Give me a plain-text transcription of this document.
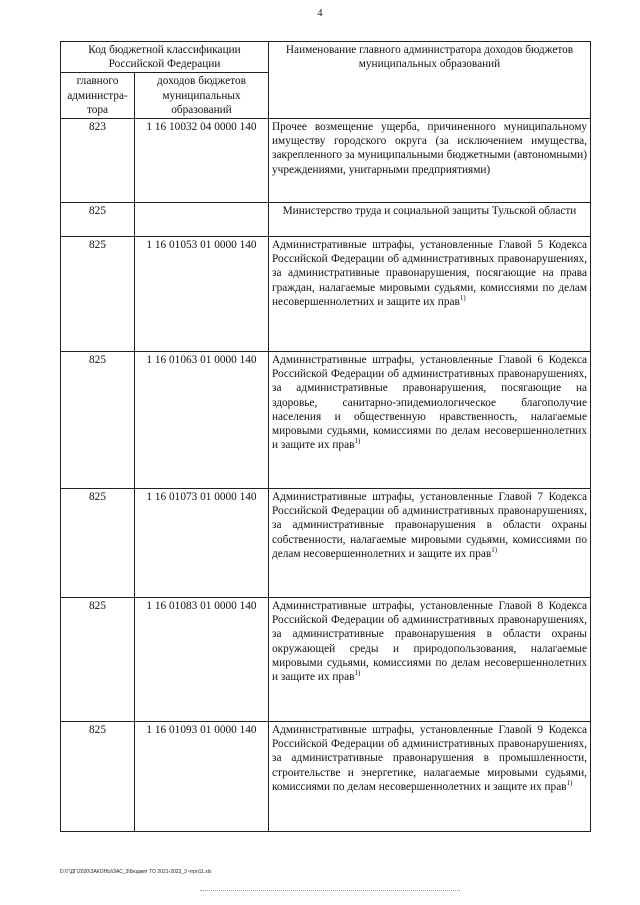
4
Код бюджетной классификации Российской Федерации		Наименование главного администратора доходов бюджетов муниципальных образований
главного администра-тора	доходов бюджетов муниципальных образований	
823	1 16 10032 04 0000 140	Прочее возмещение ущерба, причиненного муниципальному имуществу городского округа (за исключением имущества, закрепленного за муниципальными бюджетными (автономными) учреждениями, унитарными предприятиями)
825		Министерство труда и социальной защиты Тульской области
825	1 16 01053 01 0000 140	Административные штрафы, установленные Главой 5 Кодекса Российской Федерации об административных правонарушениях, за административные правонарушения, посягающие на права граждан, налагаемые мировыми судьями, комиссиями по делам несовершеннолетних и защите их прав$^{1)}$
825	1 16 01063 01 0000 140	Административные штрафы, установленные Главой 6 Кодекса Российской Федерации об административных правонарушениях, за административные правонарушения, посягающие на здоровье, санитарно-эпидемиологическое благополучие населения и общественную нравственность, налагаемые мировыми судьями, комиссиями по делам несовершеннолетних и защите их прав$^{1)}$
825	1 16 01073 01 0000 140	Административные штрафы, установленные Главой 7 Кодекса Российской Федерации об административных правонарушениях, за административные правонарушения в области охраны собственности, налагаемые мировыми судьями, комиссиями по делам несовершеннолетних и защите их прав$^{1)}$
825	1 16 01083 01 0000 140	Административные штрафы, установленные Главой 8 Кодекса Российской Федерации об административных правонарушениях, за административные правонарушения в области охраны окружающей среды и природопользования, налагаемые мировыми судьями, комиссиями по делам несовершеннолетних и защите их прав$^{1)}$
825	1 16 01093 01 0000 140	Административные штрафы, установленные Главой 9 Кодекса Российской Федерации об административных правонарушениях, за административные правонарушения в промышленности, строительстве и энергетике, налагаемые мировыми судьями, комиссиями по делам несовершеннолетних и защите их прав$^{1)}$
D:\Г\ДГ\2020\ЗАКОНЫ\ЗАС_3\Бюджет ТО 2021-2023_3 чтрп11.xls
